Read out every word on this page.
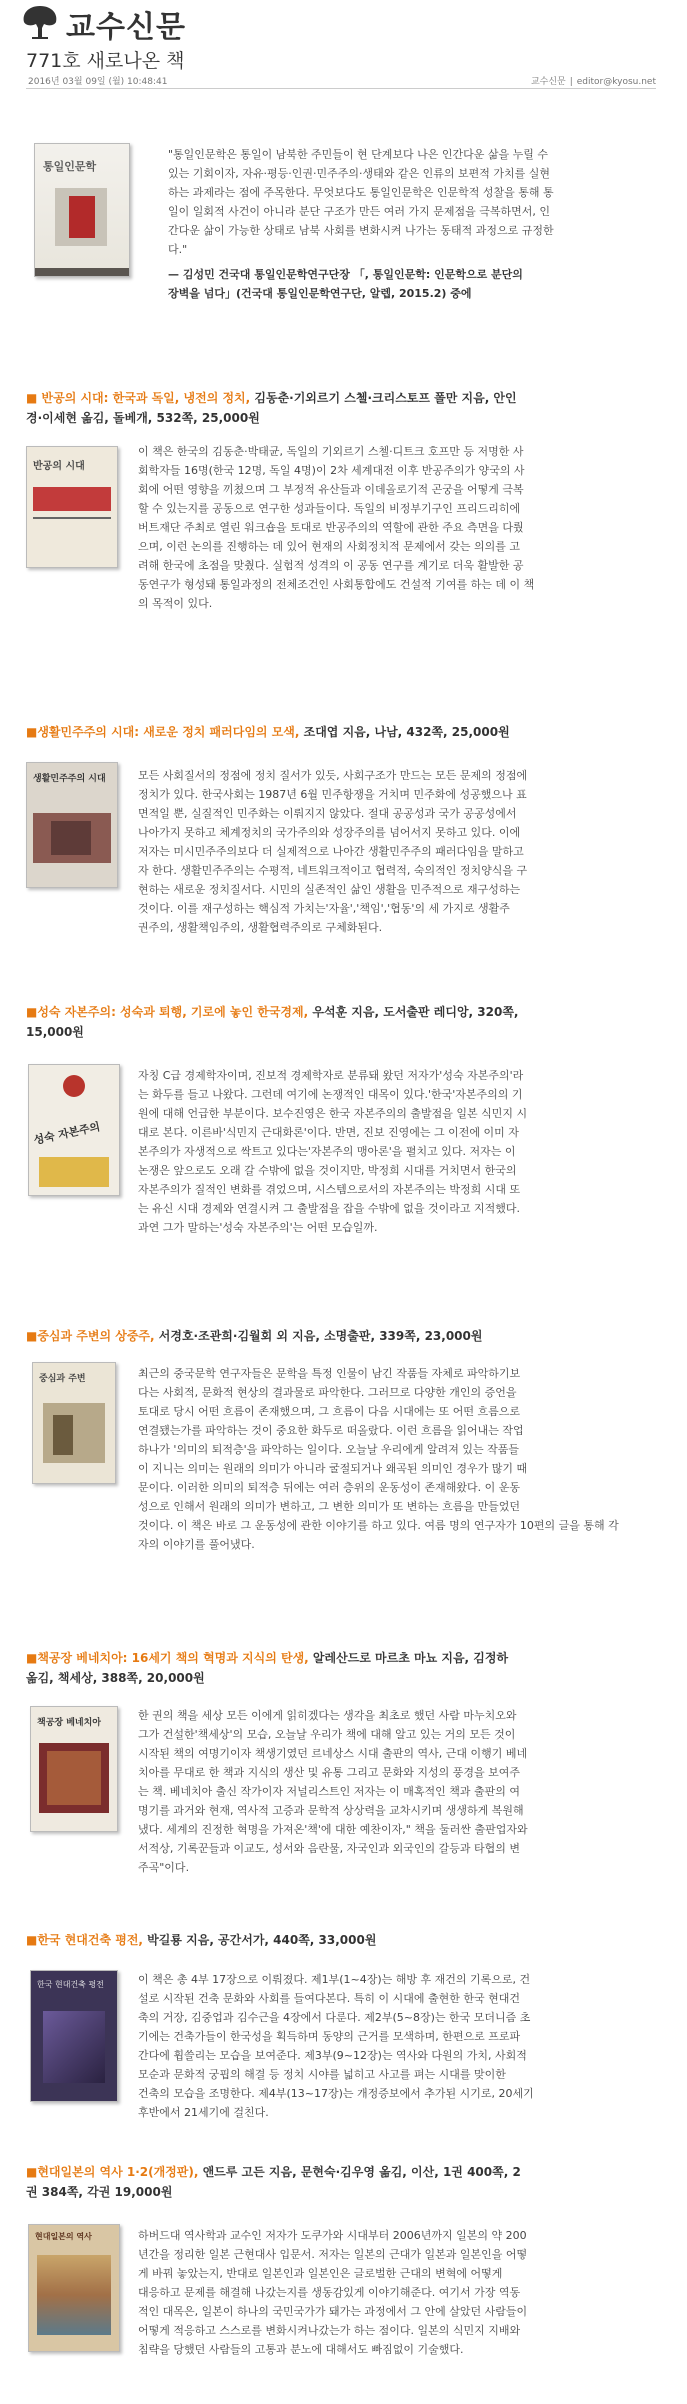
교수신문
771호 새로나온 책
2016년 03월 09일 (월) 10:48:41	교수신문 | editor@kyosu.net
통일인문학
"통일인문학은 통일이 남북한 주민들이 현 단계보다 나은 인간다운 삶을 누릴 수
있는 기회이자, 자유·평등·인권·민주주의·생태와 같은 인류의 보편적 가치를 실현
하는 과제라는 점에 주목한다. 무엇보다도 통일인문학은 인문학적 성찰을 통해 통
일이 일회적 사건이 아니라 분단 구조가 만든 여러 가지 문제점을 극복하면서, 인
간다운 삶이 가능한 상태로 남북 사회를 변화시켜 나가는 동태적 과정으로 규정한
다."
— 김성민 건국대 통일인문학연구단장 「, 통일인문학: 인문학으로 분단의
장벽을 넘다」(건국대 통일인문학연구단, 알렙, 2015.2) 중에
■ 반공의 시대: 한국과 독일, 냉전의 정치, 김동춘·기외르기 스첼·크리스토프 폴만 지음, 안인
경·이세현 옮김, 돌베개, 532쪽, 25,000원
반공의 시대
이 책은 한국의 김동춘·박태균, 독일의 기외르기 스첼·디트크 호프만 등 저명한 사
회학자들 16명(한국 12명, 독일 4명)이 2차 세계대전 이후 반공주의가 양국의 사
회에 어떤 영향을 끼쳤으며 그 부정적 유산들과 이데올로기적 곤궁을 어떻게 극복
할 수 있는지를 공동으로 연구한 성과들이다. 독일의 비정부기구인 프리드리히에
버트재단 주최로 열린 워크숍을 토대로 반공주의의 역할에 관한 주요 측면을 다뤘
으며, 이런 논의를 진행하는 데 있어 현재의 사회정치적 문제에서 갖는 의의를 고
려해 한국에 초점을 맞췄다. 실험적 성격의 이 공동 연구를 계기로 더욱 활발한 공
동연구가 형성돼 통일과정의 전체조건인 사회통합에도 건설적 기여를 하는 데 이 책
의 목적이 있다.
■생활민주주의 시대: 새로운 정치 패러다임의 모색, 조대엽 지음, 나남, 432쪽, 25,000원
생활민주주의 시대	모든 사회질서의 정점에 정치 질서가 있듯, 사회구조가 만드는 모든 문제의 정점에
정치가 있다. 한국사회는 1987년 6월 민주항쟁을 거치며 민주화에 성공했으나 표
면적일 뿐, 실질적인 민주화는 이뤄지지 않았다. 절대 공공성과 국가 공공성에서
나아가지 못하고 체계정치의 국가주의와 성장주의를 넘어서지 못하고 있다. 이에
저자는 미시민주주의보다 더 실제적으로 나아간 생활민주주의 패러다임을 말하고
자 한다. 생활민주주의는 수평적, 네트워크적이고 협력적, 숙의적인 정치양식을 구
현하는 새로운 정치질서다. 시민의 실존적인 삶인 생활을 민주적으로 재구성하는
것이다. 이를 재구성하는 핵심적 가치는'자율','책임','협동'의 세 가지로 생활주
권주의, 생활책임주의, 생활협력주의로 구체화된다.
■성숙 자본주의: 성숙과 퇴행, 기로에 놓인 한국경제, 우석훈 지음, 도서출판 레디앙, 320쪽,
15,000원
성숙 자본주의
자칭 C급 경제학자이며, 진보적 경제학자로 분류돼 왔던 저자가'성숙 자본주의'라
는 화두를 들고 나왔다. 그런데 여기에 논쟁적인 대목이 있다.'한국'자본주의의 기
원에 대해 언급한 부분이다. 보수진영은 한국 자본주의의 출발점을 일본 식민지 시
대로 본다. 이른바'식민지 근대화론'이다. 반면, 진보 진영에는 그 이전에 이미 자
본주의가 자생적으로 싹트고 있다는'자본주의 맹아론'을 펼치고 있다. 저자는 이
논쟁은 앞으로도 오래 갈 수밖에 없을 것이지만, 박정희 시대를 거치면서 한국의
자본주의가 질적인 변화를 겪었으며, 시스템으로서의 자본주의는 박정희 시대 또
는 유신 시대 경제와 연결시켜 그 출발점을 잡을 수밖에 없을 것이라고 지적했다.
과연 그가 말하는'성숙 자본주의'는 어떤 모습일까.
■중심과 주변의 상중주, 서경호·조관희·김월회 외 지음, 소명출판, 339쪽, 23,000원
중심과 주변	최근의 중국문학 연구자들은 문학을 특정 인물이 남긴 작품들 자체로 파악하기보
다는 사회적, 문화적 현상의 결과물로 파악한다. 그러므로 다양한 개인의 증언을
토대로 당시 어떤 흐름이 존재했으며, 그 흐름이 다음 시대에는 또 어떤 흐름으로
연결됐는가를 파악하는 것이 중요한 화두로 떠올랐다. 이런 흐름을 읽어내는 작업
하나가 '의미의 퇴적층'을 파악하는 일이다. 오늘날 우리에게 알려져 있는 작품들
이 지니는 의미는 원래의 의미가 아니라 굴절되거나 왜곡된 의미인 경우가 많기 때
문이다. 이러한 의미의 퇴적층 뒤에는 여러 층위의 운동성이 존재해왔다. 이 운동
성으로 인해서 원래의 의미가 변하고, 그 변한 의미가 또 변하는 흐름을 만들었던
것이다. 이 책은 바로 그 운동성에 관한 이야기를 하고 있다. 여름 명의 연구자가 10편의 글을 통해 각
자의 이야기를 풀어냈다.
■책공장 베네치아: 16세기 책의 혁명과 지식의 탄생, 알레산드로 마르초 마뇨 지음, 김정하
옮김, 책세상, 388쪽, 20,000원
책공장 베네치아
한 권의 책을 세상 모든 이에게 읽히겠다는 생각을 최초로 했던 사람 마누치오와
그가 건설한'책세상'의 모습, 오늘날 우리가 책에 대해 알고 있는 거의 모든 것이
시작된 책의 여명기이자 책생기였던 르네상스 시대 출판의 역사, 근대 이행기 베네
치아를 무대로 한 책과 지식의 생산 및 유통 그리고 문화와 지성의 풍경을 보여주
는 책. 베네치아 출신 작가이자 저널리스트인 저자는 이 매혹적인 책과 출판의 여
명기를 과거와 현재, 역사적 고증과 문학적 상상력을 교차시키며 생생하게 복원해
냈다. 세계의 진정한 혁명을 가져온'책'에 대한 예찬이자," 책을 둘러싼 출판업자와
서적상, 기록꾼들과 이교도, 성서와 음란물, 자국인과 외국인의 갈등과 타협의 변
주곡"이다.
■한국 현대건축 평전, 박길룡 지음, 공간서가, 440쪽, 33,000원
한국 현대건축 평전	이 책은 총 4부 17장으로 이뤄졌다. 제1부(1~4장)는 해방 후 재건의 기록으로, 건
설로 시작된 건축 문화와 사회를 들여다본다. 특히 이 시대에 출현한 한국 현대건
축의 거장, 김중업과 김수근을 4장에서 다룬다. 제2부(5~8장)는 한국 모더니즘 초
기에는 건축가들이 한국성을 획득하며 동양의 근거를 모색하며, 한편으로 프로파
간다에 휩쓸리는 모습을 보여준다. 제3부(9~12장)는 역사와 다원의 가치, 사회적
모순과 문화적 궁핍의 해결 등 정치 시야를 넓히고 사고를 펴는 시대를 맞이한
건축의 모습을 조명한다. 제4부(13~17장)는 개정증보에서 추가된 시기로, 20세기
후반에서 21세기에 걸친다.
■현대일본의 역사 1·2(개정판), 앤드루 고든 지음, 문현숙·김우영 옮김, 이산, 1권 400쪽, 2
권 384쪽, 각권 19,000원
현대일본의 역사	하버드대 역사학과 교수인 저자가 도쿠가와 시대부터 2006년까지 일본의 약 200
년간을 정리한 일본 근현대사 입문서. 저자는 일본의 근대가 일본과 일본인을 어떻
게 바꿔 놓았는지, 반대로 일본인과 일본인은 글로벌한 근대의 변혁에 어떻게
대응하고 문제를 해결해 나갔는지를 생동감있게 이야기해준다. 여기서 가장 역동
적인 대목은, 일본이 하나의 국민국가가 돼가는 과정에서 그 안에 살았던 사람들이
어떻게 적응하고 스스로를 변화시켜나갔는가 하는 점이다. 일본의 식민지 지배와
침략을 당했던 사람들의 고통과 분노에 대해서도 빠짐없이 기술했다.
